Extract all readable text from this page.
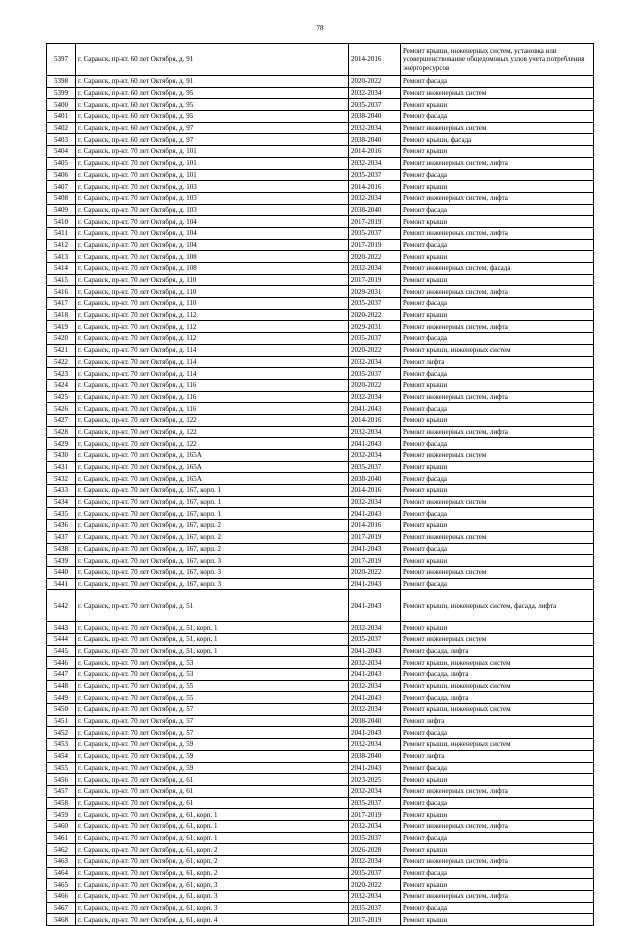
78
5397	г. Саранск, пр-кт. 60 лет Октября, д. 91	2014-2016	Ремонт крыши, инженерных систем, установка или усовершенствование общедомовых узлов учета потребления энергоресурсов
5398	г. Саранск, пр-кт. 60 лет Октября, д. 91	2020-2022	Ремонт фасада
5399	г. Саранск, пр-кт. 60 лет Октября, д. 95	2032-2034	Ремонт инженерных систем
5400	г. Саранск, пр-кт. 60 лет Октября, д. 95	2035-2037	Ремонт крыши
5401	г. Саранск, пр-кт. 60 лет Октября, д. 95	2038-2040	Ремонт фасада
5402	г. Саранск, пр-кт. 60 лет Октября, д. 97	2032-2034	Ремонт инженерных систем
5403	г. Саранск, пр-кт. 60 лет Октября, д. 97	2038-2040	Ремонт крыши, фасада
5404	г. Саранск, пр-кт. 70 лет Октября, д. 101	2014-2016	Ремонт крыши
5405	г. Саранск, пр-кт. 70 лет Октября, д. 101	2032-2034	Ремонт инженерных систем, лифта
5406	г. Саранск, пр-кт. 70 лет Октября, д. 101	2035-2037	Ремонт фасада
5407	г. Саранск, пр-кт. 70 лет Октября, д. 103	2014-2016	Ремонт крыши
5408	г. Саранск, пр-кт. 70 лет Октября, д. 103	2032-2034	Ремонт инженерных систем, лифта
5409	г. Саранск, пр-кт. 70 лет Октября, д. 103	2038-2040	Ремонт фасада
5410	г. Саранск, пр-кт. 70 лет Октября, д. 104	2017-2019	Ремонт крыши
5411	г. Саранск, пр-кт. 70 лет Октября, д. 104	2035-2037	Ремонт инженерных систем, лифта
5412	г. Саранск, пр-кт. 70 лет Октября, д. 104	2017-2019	Ремонт фасада
5413	г. Саранск, пр-кт. 70 лет Октября, д. 108	2020-2022	Ремонт крыши
5414	г. Саранск, пр-кт. 70 лет Октября, д. 108	2032-2034	Ремонт инженерных систем, фасада
5415	г. Саранск, пр-кт. 70 лет Октября, д. 110	2017-2019	Ремонт крыши
5416	г. Саранск, пр-кт. 70 лет Октября, д. 110	2029-2031	Ремонт инженерных систем, лифта
5417	г. Саранск, пр-кт. 70 лет Октября, д. 110	2035-2037	Ремонт фасада
5418	г. Саранск, пр-кт. 70 лет Октября, д. 112	2020-2022	Ремонт крыши
5419	г. Саранск, пр-кт. 70 лет Октября, д. 112	2029-2031	Ремонт инженерных систем, лифта
5420	г. Саранск, пр-кт. 70 лет Октября, д. 112	2035-2037	Ремонт фасада
5421	г. Саранск, пр-кт. 70 лет Октября, д. 114	2020-2022	Ремонт крыши, инженерных систем
5422	г. Саранск, пр-кт. 70 лет Октября, д. 114	2032-2034	Ремонт лифта
5423	г. Саранск, пр-кт. 70 лет Октября, д. 114	2035-2037	Ремонт фасада
5424	г. Саранск, пр-кт. 70 лет Октября, д. 116	2020-2022	Ремонт крыши
5425	г. Саранск, пр-кт. 70 лет Октября, д. 116	2032-2034	Ремонт инженерных систем, лифта
5426	г. Саранск, пр-кт. 70 лет Октября, д. 116	2041-2043	Ремонт фасада
5427	г. Саранск, пр-кт. 70 лет Октября, д. 122	2014-2016	Ремонт крыши
5428	г. Саранск, пр-кт. 70 лет Октября, д. 122	2032-2034	Ремонт инженерных систем, лифта
5429	г. Саранск, пр-кт. 70 лет Октября, д. 122	2041-2043	Ремонт фасада
5430	г. Саранск, пр-кт. 70 лет Октября, д. 165А	2032-2034	Ремонт инженерных систем
5431	г. Саранск, пр-кт. 70 лет Октября, д. 165А	2035-2037	Ремонт крыши
5432	г. Саранск, пр-кт. 70 лет Октября, д. 165А	2038-2040	Ремонт фасада
5433	г. Саранск, пр-кт. 70 лет Октября, д. 167, корп. 1	2014-2016	Ремонт крыши
5434	г. Саранск, пр-кт. 70 лет Октября, д. 167, корп. 1	2032-2034	Ремонт инженерных систем
5435	г. Саранск, пр-кт. 70 лет Октября, д. 167, корп. 1	2041-2043	Ремонт фасада
5436	г. Саранск, пр-кт. 70 лет Октября, д. 167, корп. 2	2014-2016	Ремонт крыши
5437	г. Саранск, пр-кт. 70 лет Октября, д. 167, корп. 2	2017-2019	Ремонт инженерных систем
5438	г. Саранск, пр-кт. 70 лет Октября, д. 167, корп. 2	2041-2043	Ремонт фасада
5439	г. Саранск, пр-кт. 70 лет Октября, д. 167, корп. 3	2017-2019	Ремонт крыши
5440	г. Саранск, пр-кт. 70 лет Октября, д. 167, корп. 3	2020-2022	Ремонт инженерных систем
5441	г. Саранск, пр-кт. 70 лет Октября, д. 167, корп. 3	2041-2043	Ремонт фасада
5442	г. Саранск, пр-кт. 70 лет Октября, д. 51	2041-2043	Ремонт крыши, инженерных систем, фасада, лифта
5443	г. Саранск, пр-кт. 70 лет Октября, д. 51, корп. 1	2032-2034	Ремонт крыши
5444	г. Саранск, пр-кт. 70 лет Октября, д. 51, корп. 1	2035-2037	Ремонт инженерных систем
5445	г. Саранск, пр-кт. 70 лет Октября, д. 51, корп. 1	2041-2043	Ремонт фасада, лифта
5446	г. Саранск, пр-кт. 70 лет Октября, д. 53	2032-2034	Ремонт крыши, инженерных систем
5447	г. Саранск, пр-кт. 70 лет Октября, д. 53	2041-2043	Ремонт фасада, лифта
5448	г. Саранск, пр-кт. 70 лет Октября, д. 55	2032-2034	Ремонт крыши, инженерных систем
5449	г. Саранск, пр-кт. 70 лет Октября, д. 55	2041-2043	Ремонт фасада, лифта
5450	г. Саранск, пр-кт. 70 лет Октября, д. 57	2032-2034	Ремонт крыши, инженерных систем
5451	г. Саранск, пр-кт. 70 лет Октября, д. 57	2038-2040	Ремонт лифта
5452	г. Саранск, пр-кт. 70 лет Октября, д. 57	2041-2043	Ремонт фасада
5453	г. Саранск, пр-кт. 70 лет Октября, д. 59	2032-2034	Ремонт крыши, инженерных систем
5454	г. Саранск, пр-кт. 70 лет Октября, д. 59	2038-2040	Ремонт лифта
5455	г. Саранск, пр-кт. 70 лет Октября, д. 59	2041-2043	Ремонт фасада
5456	г. Саранск, пр-кт. 70 лет Октября, д. 61	2023-2025	Ремонт крыши
5457	г. Саранск, пр-кт. 70 лет Октября, д. 61	2032-2034	Ремонт инженерных систем, лифта
5458	г. Саранск, пр-кт. 70 лет Октября, д. 61	2035-2037	Ремонт фасада
5459	г. Саранск, пр-кт. 70 лет Октября, д. 61, корп. 1	2017-2019	Ремонт крыши
5460	г. Саранск, пр-кт. 70 лет Октября, д. 61, корп. 1	2032-2034	Ремонт инженерных систем, лифта
5461	г. Саранск, пр-кт. 70 лет Октября, д. 61, корп. 1	2035-2037	Ремонт фасада
5462	г. Саранск, пр-кт. 70 лет Октября, д. 61, корп. 2	2026-2028	Ремонт крыши
5463	г. Саранск, пр-кт. 70 лет Октября, д. 61, корп. 2	2032-2034	Ремонт инженерных систем, лифта
5464	г. Саранск, пр-кт. 70 лет Октября, д. 61, корп. 2	2035-2037	Ремонт фасада
5465	г. Саранск, пр-кт. 70 лет Октября, д. 61, корп. 3	2020-2022	Ремонт крыши
5466	г. Саранск, пр-кт. 70 лет Октября, д. 61, корп. 3	2032-2034	Ремонт инженерных систем, лифта
5467	г. Саранск, пр-кт. 70 лет Октября, д. 61, корп. 3	2035-2037	Ремонт фасада
5468	г. Саранск, пр-кт. 70 лет Октября, д. 61, корп. 4	2017-2019	Ремонт крыши
